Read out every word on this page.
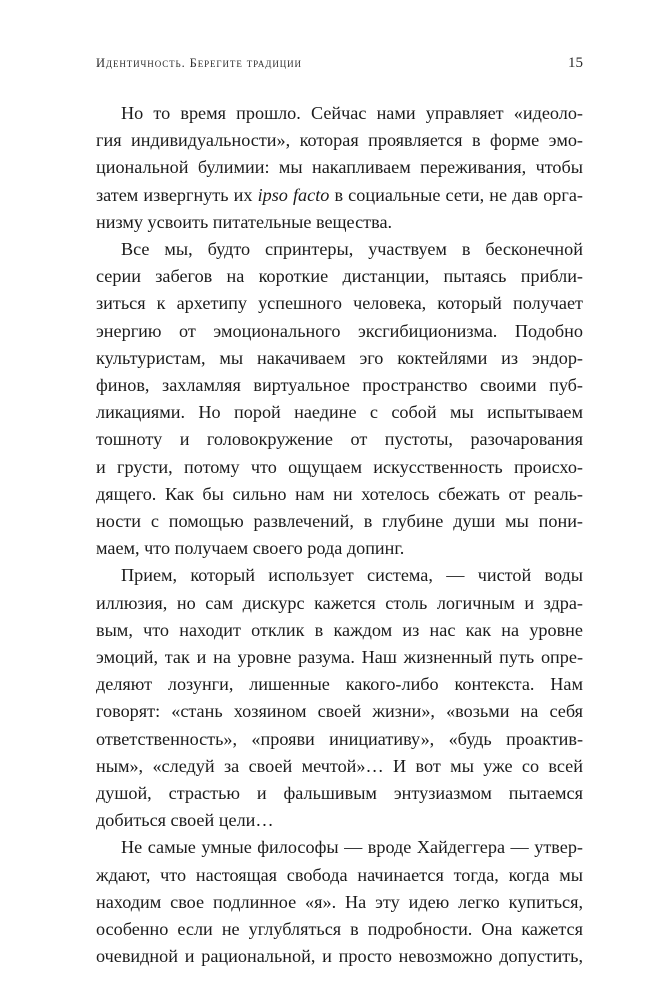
Идентичность. Берегите традиции	15
Но то время прошло. Сейчас нами управляет «идеоло-
гия индивидуальности», которая проявляется в форме эмо-
циональной булимии: мы накапливаем переживания, чтобы
затем извергнуть их ipso facto в социальные сети, не дав орга-
низму усвоить питательные вещества.
Все мы, будто спринтеры, участвуем в бесконечной
серии забегов на короткие дистанции, пытаясь прибли-
зиться к архетипу успешного человека, который получает
энергию от эмоционального эксгибиционизма. Подобно
культуристам, мы накачиваем эго коктейлями из эндор-
финов, захламляя виртуальное пространство своими пуб-
ликациями. Но порой наедине с собой мы испытываем
тошноту и головокружение от пустоты, разочарования
и грусти, потому что ощущаем искусственность происхо-
дящего. Как бы сильно нам ни хотелось сбежать от реаль-
ности с помощью развлечений, в глубине души мы пони-
маем, что получаем своего рода допинг.
Прием, который использует система, — чистой воды
иллюзия, но сам дискурс кажется столь логичным и здра-
вым, что находит отклик в каждом из нас как на уровне
эмоций, так и на уровне разума. Наш жизненный путь опре-
деляют лозунги, лишенные какого-либо контекста. Нам
говорят: «стань хозяином своей жизни», «возьми на себя
ответственность», «прояви инициативу», «будь проактив-
ным», «следуй за своей мечтой»… И вот мы уже со всей
душой, страстью и фальшивым энтузиазмом пытаемся
добиться своей цели…
Не самые умные философы — вроде Хайдеггера — утвер-
ждают, что настоящая свобода начинается тогда, когда мы
находим свое подлинное «я». На эту идею легко купиться,
особенно если не углубляться в подробности. Она кажется
очевидной и рациональной, и просто невозможно допустить,
